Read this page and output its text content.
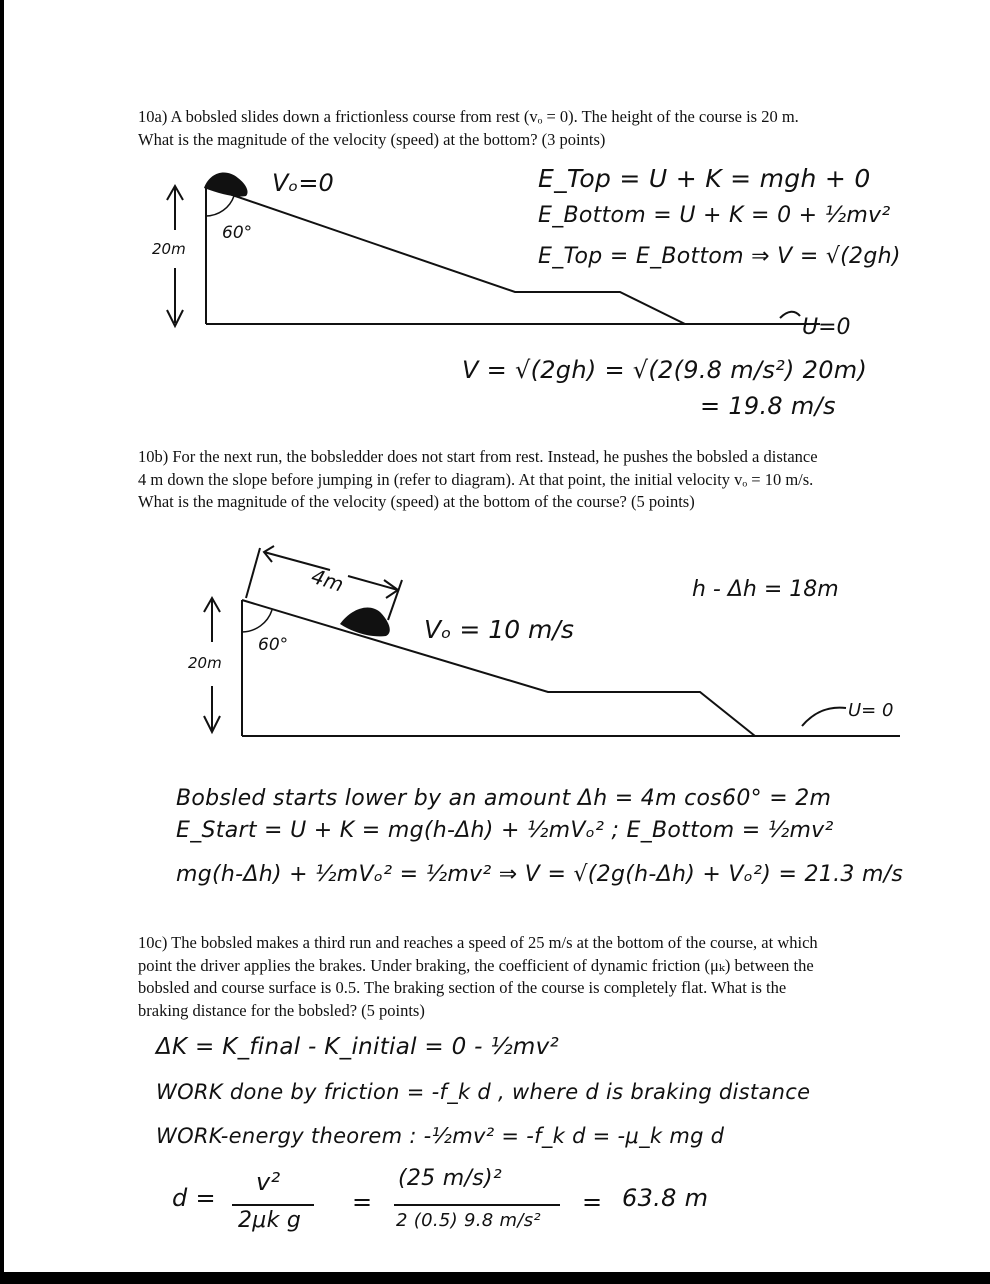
10a) A bobsled slides down a frictionless course from rest (vₒ = 0). The height of the course is 20 m. What is the magnitude of the velocity (speed) at the bottom? (3 points)

20m
60°
Vₒ=0
U=0
E_Top = U + K = mgh + 0
E_Bottom = U + K = 0 + ½mv²
E_Top = E_Bottom ⇒ V = √(2gh)
V = √(2gh) = √(2(9.8 m/s²) 20m)
= 19.8 m/s

10b) For the next run, the bobsledder does not start from rest. Instead, he pushes the bobsled a distance 4 m down the slope before jumping in (refer to diagram). At that point, the initial velocity vₒ = 10 m/s. What is the magnitude of the velocity (speed) at the bottom of the course? (5 points)

4m
20m
60°
Vₒ = 10 m/s
h - Δh = 18m
U= 0
Bobsled starts lower by an amount Δh = 4m cos60° = 2m
E_Start = U + K = mg(h-Δh) + ½mVₒ² ; E_Bottom = ½mv²
mg(h-Δh) + ½mVₒ² = ½mv² ⇒ V = √(2g(h-Δh) + Vₒ²) = 21.3 m/s

10c) The bobsled makes a third run and reaches a speed of 25 m/s at the bottom of the course, at which point the driver applies the brakes. Under braking, the coefficient of dynamic friction (μₖ) between the bobsled and course surface is 0.5. The braking section of the course is completely flat. What is the braking distance for the bobsled? (5 points)

ΔK = K_final - K_initial = 0 - ½mv²
WORK done by friction = -f_k d , where d is braking distance
WORK-energy theorem : -½mv² = -f_k d = -μ_k mg d
d =
v²
2μk g
=
(25 m/s)²
2 (0.5) 9.8 m/s²
= 63.8 m
